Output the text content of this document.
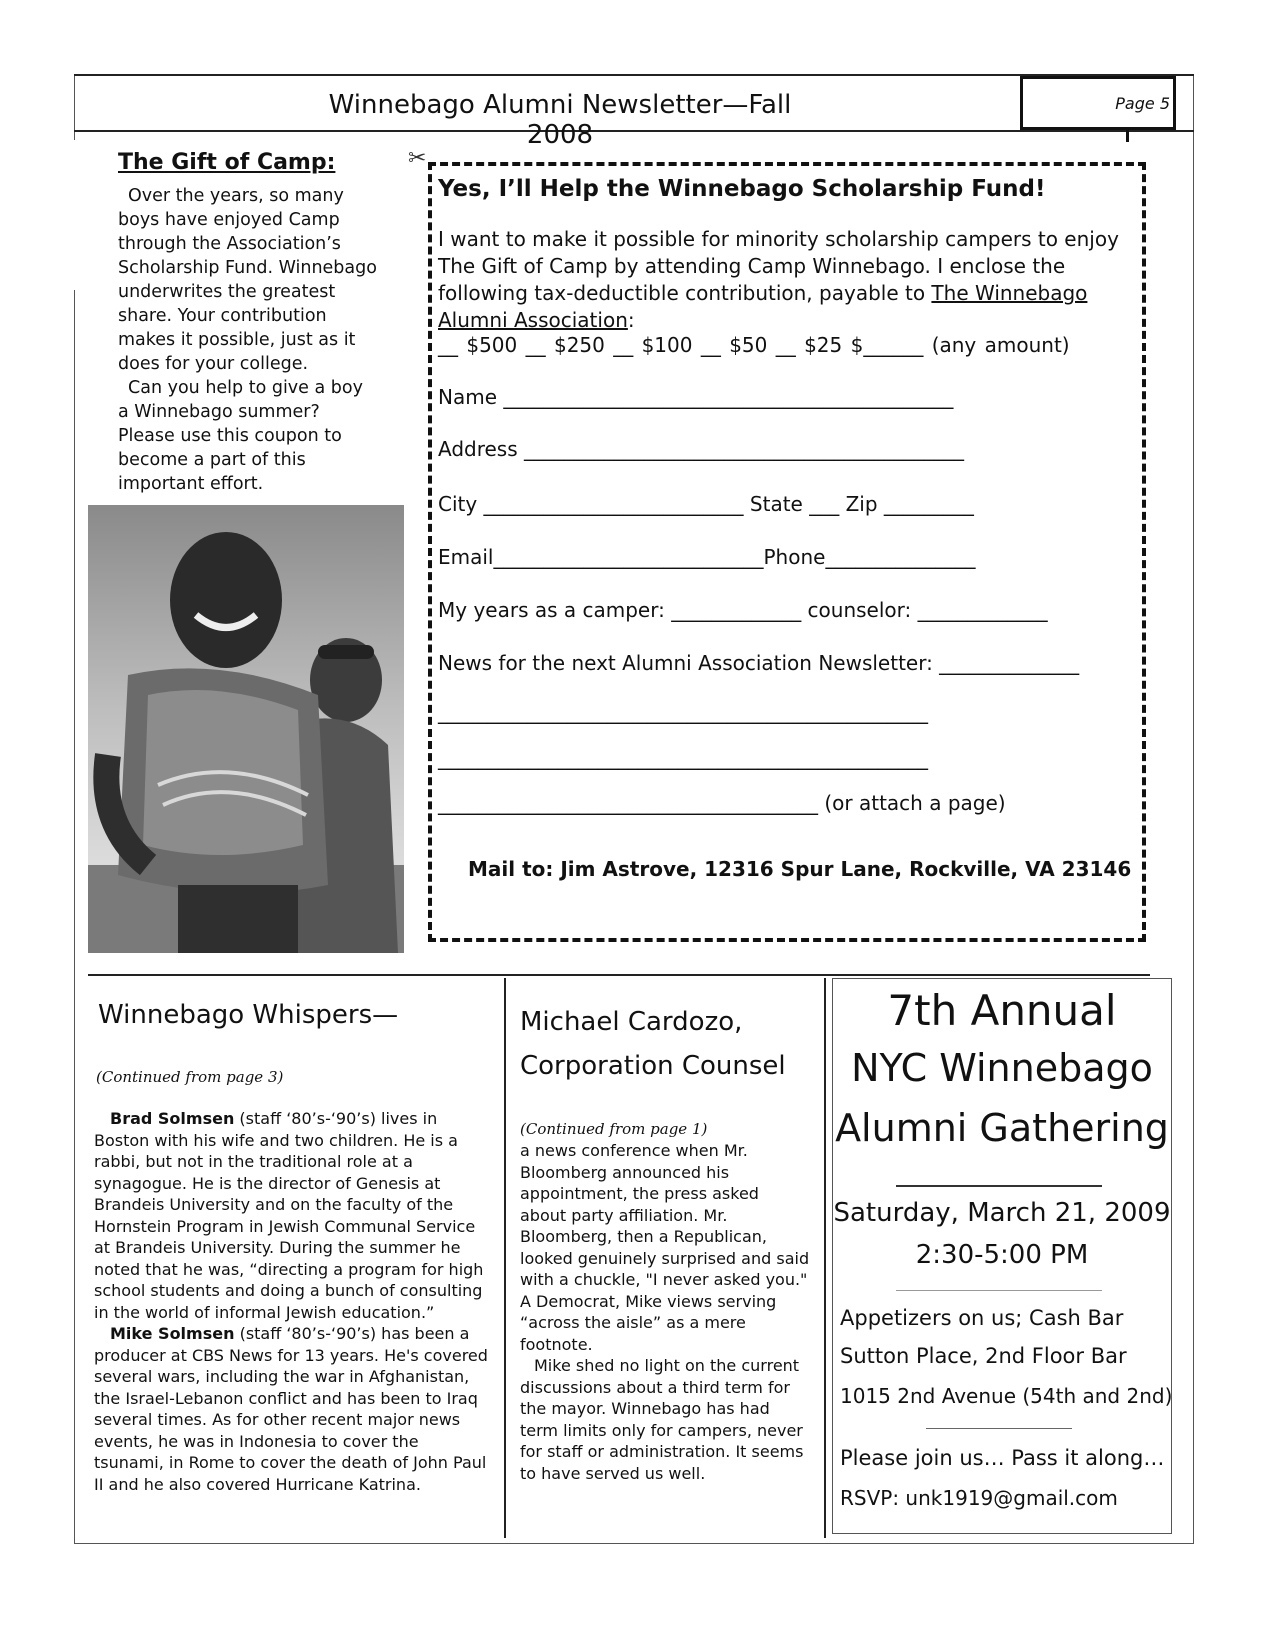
Winnebago Alumni Newsletter—Fall 2008
Page 5
The Gift of Camp:
Over the years, so many boys have enjoyed Camp through the Association’s Scholarship Fund. Winnebago underwrites the greatest share. Your contribution makes it possible, just as it does for your college.
Can you help to give a boy a Winnebago summer? Please use this coupon to become a part of this important effort.
✂
Yes, I’ll Help the Winnebago Scholarship Fund!
I want to make it possible for minority scholarship campers to enjoy The Gift of Camp by attending Camp Winnebago. I enclose the following tax-deductible contribution, payable to The Winnebago Alumni Association:
__ $500 __ $250 __ $100 __ $50 __ $25 $______ (any amount)
Name _____________________________________________
Address ____________________________________________
City __________________________ State ___ Zip _________
Email___________________________Phone_______________
My years as a camper: _____________ counselor: _____________
News for the next Alumni Association Newsletter: ______________
_________________________________________________
_________________________________________________
______________________________________ (or attach a page)
Mail to: Jim Astrove, 12316 Spur Lane, Rockville, VA 23146
Winnebago Whispers—
(Continued from page 3)
Brad Solmsen (staff ‘80’s-‘90’s) lives in Boston with his wife and two children. He is a rabbi, but not in the traditional role at a synagogue. He is the director of Genesis at Brandeis University and on the faculty of the Hornstein Program in Jewish Communal Service at Brandeis University. During the summer he noted that he was, “directing a program for high school students and doing a bunch of consulting in the world of informal Jewish education.”
Mike Solmsen (staff ‘80’s-‘90’s) has been a producer at CBS News for 13 years. He's covered several wars, including the war in Afghanistan, the Israel-Lebanon conflict and has been to Iraq several times. As for other recent major news events, he was in Indonesia to cover the tsunami, in Rome to cover the death of John Paul II and he also covered Hurricane Katrina.
Michael Cardozo,
Corporation Counsel
(Continued from page 1)
a news conference when Mr. Bloomberg announced his appointment, the press asked about party affiliation. Mr. Bloomberg, then a Republican, looked genuinely surprised and said with a chuckle, "I never asked you." A Democrat, Mike views serving “across the aisle” as a mere footnote.
Mike shed no light on the current discussions about a third term for the mayor. Winnebago has had term limits only for campers, never for staff or administration. It seems to have served us well.
7th Annual
NYC Winnebago
Alumni Gathering
Saturday, March 21, 2009
2:30-5:00 PM
Appetizers on us; Cash Bar
Sutton Place, 2nd Floor Bar
1015 2nd Avenue (54th and 2nd)
Please join us… Pass it along…
RSVP: unk1919@gmail.com
